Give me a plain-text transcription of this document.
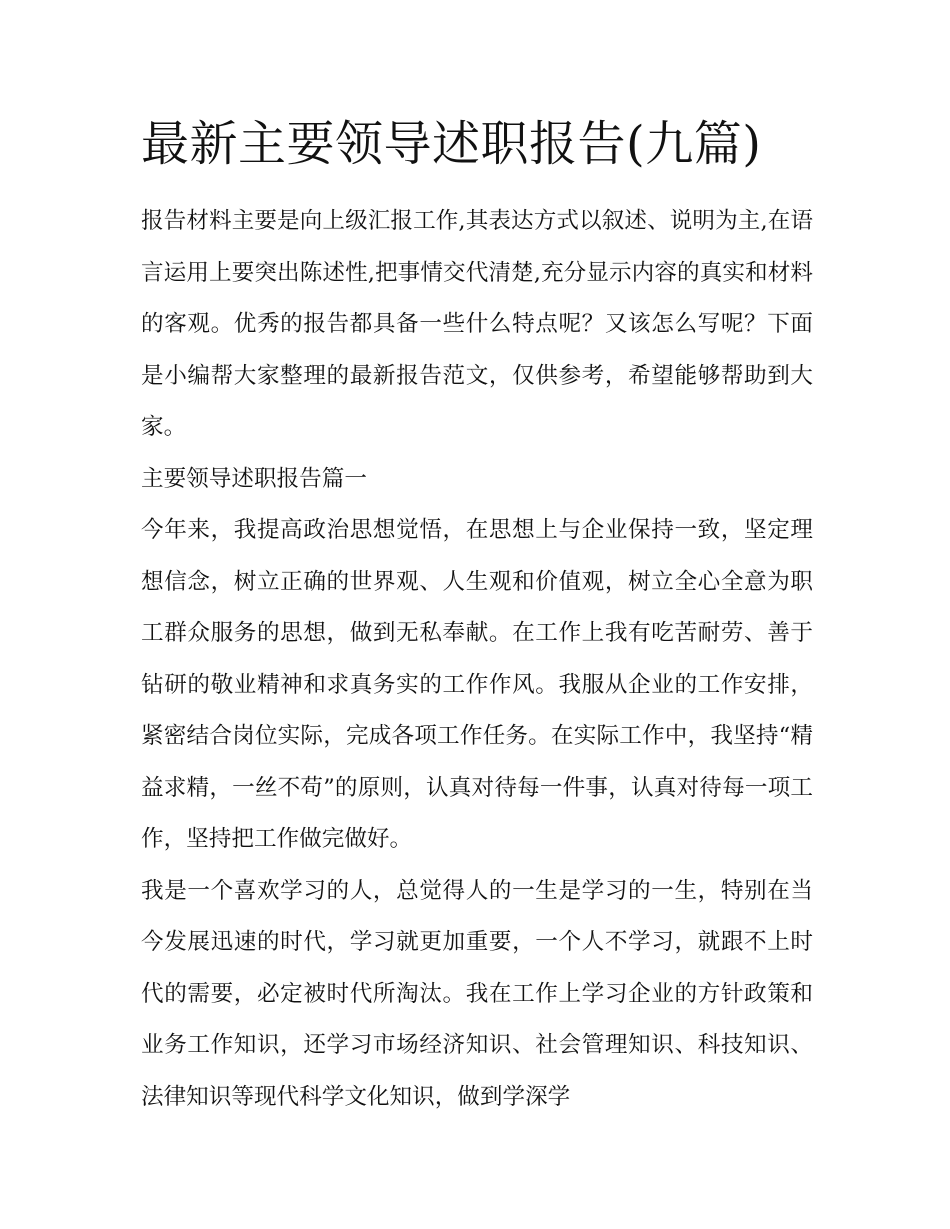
最新主要领导述职报告(九篇)

报告材料主要是向上级汇报工作,其表达方式以叙述、说明为主,在语言运用上要突出陈述性,把事情交代清楚,充分显示内容的真实和材料的客观。优秀的报告都具备一些什么特点呢？又该怎么写呢？下面是小编帮大家整理的最新报告范文，仅供参考，希望能够帮助到大家。

主要领导述职报告篇一

今年来，我提高政治思想觉悟，在思想上与企业保持一致，坚定理想信念，树立正确的世界观、人生观和价值观，树立全心全意为职工群众服务的思想，做到无私奉献。在工作上我有吃苦耐劳、善于钻研的敬业精神和求真务实的工作作风。我服从企业的工作安排，紧密结合岗位实际，完成各项工作任务。在实际工作中，我坚持“精益求精，一丝不苟”的原则，认真对待每一件事，认真对待每一项工作，坚持把工作做完做好。

我是一个喜欢学习的人，总觉得人的一生是学习的一生，特别在当今发展迅速的时代，学习就更加重要，一个人不学习，就跟不上时代的需要，必定被时代所淘汰。我在工作上学习企业的方针政策和业务工作知识，还学习市场经济知识、社会管理知识、科技知识、法律知识等现代科学文化知识，做到学深学
